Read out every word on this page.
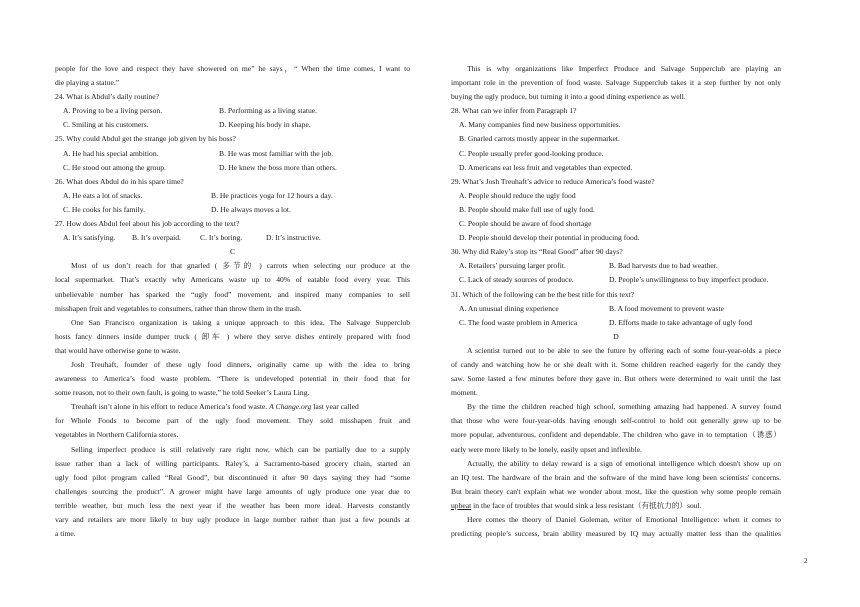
people for the love and respect they have showered on me” he says，“ When the time comes, I want to
die playing a statue.”
24. What is Abdul’s daily routine?
A. Proving to be a living person.	B. Performing as a living statue.
C. Smiling at his customers.	D. Keeping his body in shape.
25. Why could Abdul get the strange job given by his boss?
A. He had his special ambition.	B. He was most familiar with the job.
C. He stood out among the group.	D. He knew the boss more than others.
26. What does Abdul do in his spare time?
A. He eats a lot of snacks.	B. He practices yoga for 12 hours a day.
C. He cooks for his family.	D. He always moves a lot.
27. How does Abdul feel about his job according to the text?
A. It’s satisfying.	B. It’s overpaid.	C. It’s boring.	D. It’s instructive.
C
Most of us don’t reach for that gnarled ( 多节的 ) carrots when selecting our produce at the
local supermarket. That’s exactly why Americans waste up to 40% of eatable food every year. This
unbelievable number has sparked the “ugly food” movement, and inspired many companies to sell
misshapen fruit and vegetables to consumers, rather than throw them in the trash.
One San Francisco organization is taking a unique approach to this idea. The Salvage Supperclub
hosts fancy dinners inside dumper truck ( 卸车 ) where they serve dishes entirely prepared with food
that would have otherwise gone to waste.
Josh Treuhaft, founder of these ugly food dinners, originally came up with the idea to bring
awareness to America’s food waste problem. “There is undeveloped potential in their food that for
some reason, not to their own fault, is going to waste,” he told Seeker’s Laura Ling.
Treuhaft isn’t alone in his effort to reduce America’s food waste. A Change.org last year called
for Whole Foods to become part of the ugly food movement. They sold misshapen fruit and
vegetables in Northern California stores.
Selling imperfect produce is still relatively rare right now, which can be partially due to a supply
issue rather than a lack of willing participants. Raley’s, a Sacramento-based grocery chain, started an
ugly food pilot program called “Real Good”, but discontinued it after 90 days saying they had “some
challenges sourcing the product”. A grower might have large amounts of ugly produce one year due to
terrible weather, but much less the next year if the weather has been more ideal. Harvests constantly
vary and retailers are more likely to buy ugly produce in large number rather than just a few pounds at
a time.
This is why organizations like Imperfect Produce and Salvage Supperclub are playing an
important role in the prevention of food waste. Salvage Supperclub takes it a step further by not only
buying the ugly produce, but turning it into a good dining experience as well.
28. What can we infer from Paragraph 1?
A. Many companies find new business opportunities.
B. Gnarled carrots mostly appear in the supermarket.
C. People usually prefer good-looking produce.
D. Americans eat less fruit and vegetables than expected.
29. What’s Josh Treuhaft’s advice to reduce America’s food waste?
A. People should reduce the ugly food
B. People should make full use of ugly food.
C. People should be aware of food shortage
D. People should develop their potential in producing food.
30. Why did Raley’s stop its “Real Good” after 90 days?
A. Retailers’ pursuing larger profit.	B. Bad harvests due to bad weather.
C. Lack of steady sources of produce.	D. People’s unwillingness to buy imperfect produce.
31. Which of the following can be the best title for this text?
A. An unusual dining experience	B. A food movement to prevent waste
C. The food waste problem in America	D. Efforts made to take advantage of ugly food
D
A scientist turned out to be able to see the future by offering each of some four-year-olds a piece
of candy and watching how he or she dealt with it. Some children reached eagerly for the candy they
saw. Some lasted a few minutes before they gave in. But others were determined to wait until the last
moment.
By the time the children reached high school, something amazing had happened. A survey found
that those who were four-year-olds having enough self-control to hold out generally grew up to be
more popular, adventurous, confident and dependable. The children who gave in to temptation（诱惑）
early were more likely to be lonely, easily upset and inflexible.
Actually, the ability to delay reward is a sign of emotional intelligence which doesn't show up on
an IQ test. The hardware of the brain and the software of the mind have long been scientists' concerns.
But brain theory can't explain what we wonder about most, like the question why some people remain
upbeat in the face of troubles that would sink a less resistant（有抵抗力的）soul.
Here comes the theory of Daniel Goleman, writer of Emotional Intelligence: when it comes to
predicting people’s success, brain ability measured by IQ may actually matter less than the qualities
2
